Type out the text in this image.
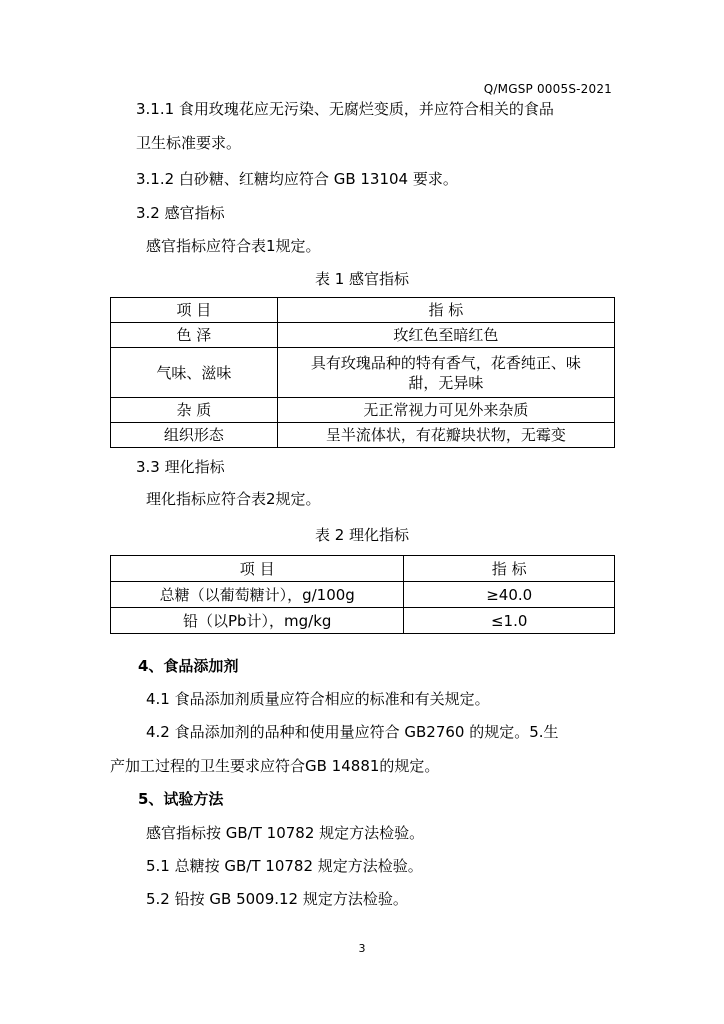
Q/MGSP 0005S-2021
3.1.1 食用玫瑰花应无污染、无腐烂变质，并应符合相关的食品
卫生标准要求。
3.1.2 白砂糖、红糖均应符合 GB 13104 要求。
3.2 感官指标
感官指标应符合表1规定。
表 1 感官指标
项 目	指 标
色 泽	玫红色至暗红色
气味、滋味	具有玫瑰品种的特有香气，花香纯正、味
甜，无异味

杂 质	无正常视力可见外来杂质
组织形态	呈半流体状，有花瓣块状物，无霉变
3.3 理化指标
理化指标应符合表2规定。
表 2 理化指标
项 目	指 标
总糖（以葡萄糖计），g/100g	≥40.0
铅（以Pb计），mg/kg	≤1.0
4、食品添加剂
4.1 食品添加剂质量应符合相应的标准和有关规定。
4.2 食品添加剂的品种和使用量应符合 GB2760 的规定。5.生
产加工过程的卫生要求应符合GB 14881的规定。
5、试验方法
感官指标按 GB/T 10782 规定方法检验。
5.1 总糖按 GB/T 10782 规定方法检验。
5.2 铅按 GB 5009.12 规定方法检验。
3
